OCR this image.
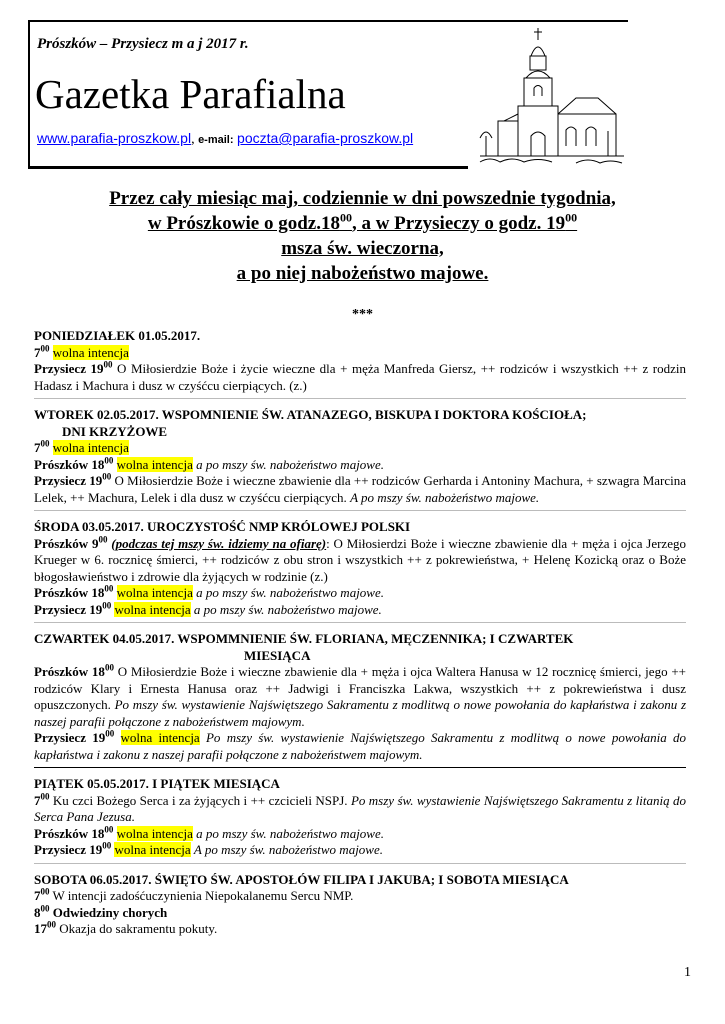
Prószków – Przysiecz m a j 2017 r.
Gazetka Parafialna
www.parafia-proszkow.pl, e-mail: poczta@parafia-proszkow.pl
Przez cały miesiąc maj, codziennie w dni powszednie tygodnia,
w Prószkowie o $godz.18^{00}$, a w Przysieczy o godz. $19^{00}$
msza św. wieczorna,
a po niej nabożeństwo majowe.
***
PONIEDZIAŁEK 01.05.2017.
$7^{00}$ wolna intencja
Przysiecz $19^{00}$ O Miłosierdzie Boże i życie wieczne dla + męża Manfreda Giersz, ++ rodziców i wszystkich ++ z rodzin Hadasz i Machura i dusz w czyśćcu cierpiących. (z.)
WTOREK 02.05.2017. WSPOMNIENIE ŚW. ATANAZEGO, BISKUPA I DOKTORA KOŚCIOŁA;
DNI KRZYŻOWE
$7^{00}$ wolna intencja
Prószków $18^{00}$ wolna intencja a po mszy św. nabożeństwo majowe.
Przysiecz $19^{00}$ O Miłosierdzie Boże i wieczne zbawienie dla ++ rodziców Gerharda i Antoniny Machura, + szwagra Marcina Lelek, ++ Machura, Lelek i dla dusz w czyśćcu cierpiących. A po mszy św. nabożeństwo majowe.
ŚRODA 03.05.2017. UROCZYSTOŚĆ NMP KRÓLOWEJ POLSKI
Prószków $9^{00}$ (podczas tej mszy św. idziemy na ofiarę): O Miłosierdzi Boże i wieczne zbawienie dla + męża i ojca Jerzego Krueger w 6. rocznicę śmierci, ++ rodziców z obu stron i wszystkich ++ z pokrewieństwa, + Helenę Kozicką oraz o Boże błogosławieństwo i zdrowie dla żyjących w rodzinie (z.)
Prószków $18^{00}$ wolna intencja a po mszy św. nabożeństwo majowe.
Przysiecz $19^{00}$ wolna intencja a po mszy św. nabożeństwo majowe.
CZWARTEK 04.05.2017. WSPOMMNIENIE ŚW. FLORIANA, MĘCZENNIKA; I CZWARTEK
MIESIĄCA
Prószków $18^{00}$ O Miłosierdzie Boże i wieczne zbawienie dla + męża i ojca Waltera Hanusa w 12 rocznicę śmierci, jego ++ rodziców Klary i Ernesta Hanusa oraz ++ Jadwigi i Franciszka Lakwa, wszystkich ++ z pokrewieństwa i dusz opuszczonych. Po mszy św. wystawienie Najświętszego Sakramentu z modlitwą o nowe powołania do kapłaństwa i zakonu z naszej parafii połączone z nabożeństwem majowym.
Przysiecz $19^{00}$ wolna intencja Po mszy św. wystawienie Najświętszego Sakramentu z modlitwą o nowe powołania do kapłaństwa i zakonu z naszej parafii połączone z nabożeństwem majowym.
PIĄTEK 05.05.2017. I PIĄTEK MIESIĄCA
$7^{00}$ Ku czci Bożego Serca i za żyjących i ++ czcicieli NSPJ. Po mszy św. wystawienie Najświętszego Sakramentu z litanią do Serca Pana Jezusa.
Prószków $18^{00}$ wolna intencja a po mszy św. nabożeństwo majowe.
Przysiecz $19^{00}$ wolna intencja A po mszy św. nabożeństwo majowe.
SOBOTA 06.05.2017. ŚWIĘTO ŚW. APOSTOŁÓW FILIPA I JAKUBA; I SOBOTA MIESIĄCA
$7^{00}$ W intencji zadośćuczynienia Niepokalanemu Sercu NMP.
$8^{00}$ Odwiedziny chorych
$17^{00}$ Okazja do sakramentu pokuty.
1
